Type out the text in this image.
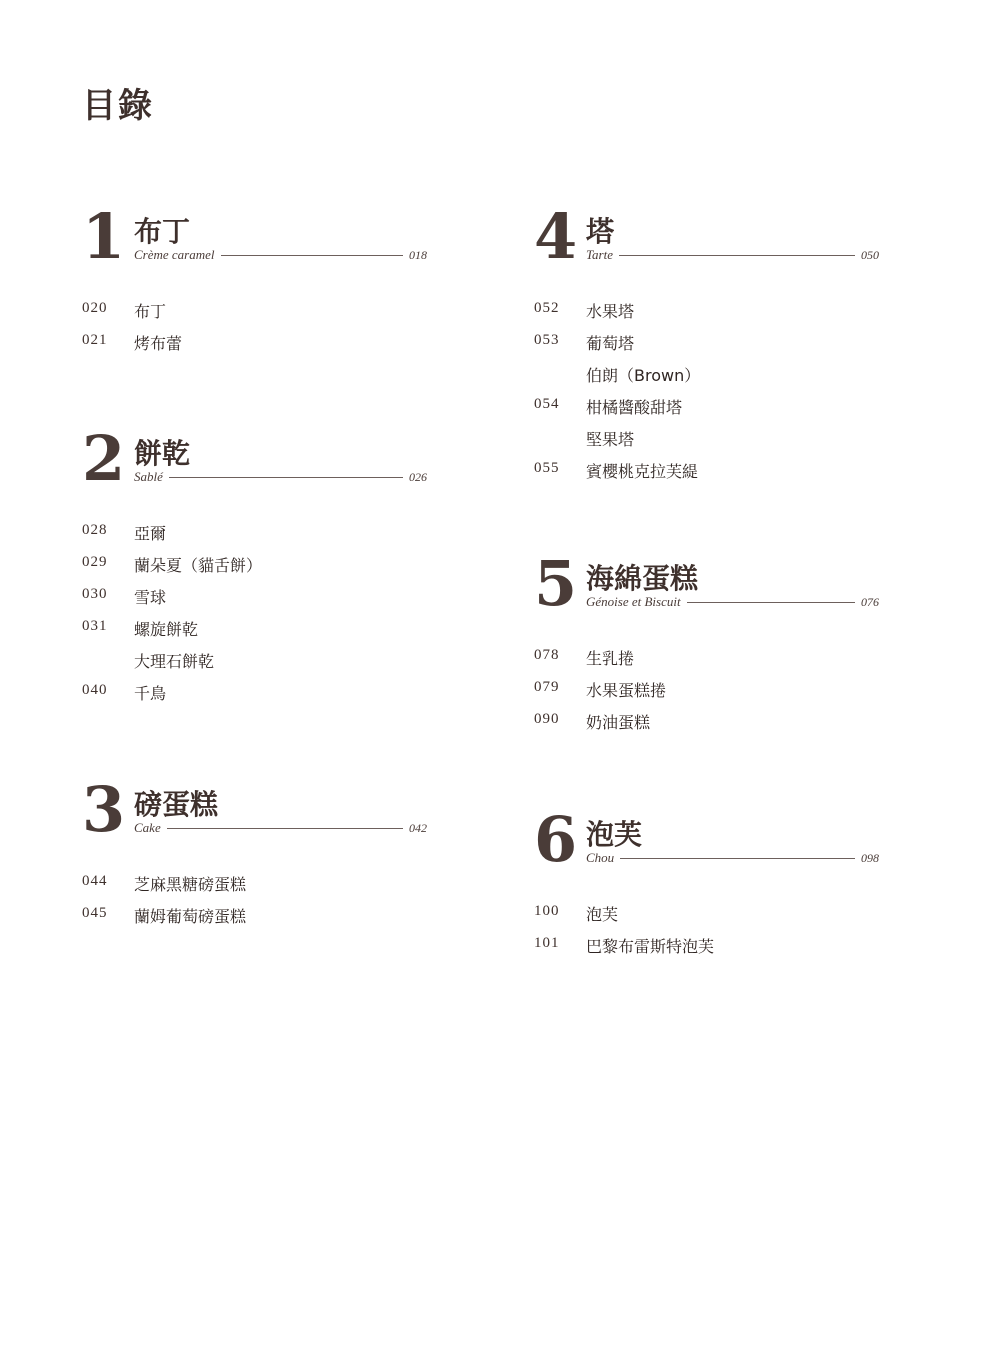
目錄
1 布丁
Crème caramel	018
020 布丁
021 烤布蕾
2 餅乾
Sablé	026
028 亞爾
029 蘭朵夏（貓舌餅）
030 雪球
031 螺旋餅乾
大理石餅乾
040 千鳥
3 磅蛋糕
Cake	042
044 芝麻黑糖磅蛋糕
045 蘭姆葡萄磅蛋糕
4 塔
Tarte	050
052 水果塔
053 葡萄塔
伯朗（Brown）
054 柑橘醬酸甜塔
堅果塔
055 賓櫻桃克拉芙緹
5 海綿蛋糕
Génoise et Biscuit	076
078 生乳捲
079 水果蛋糕捲
090 奶油蛋糕
6 泡芙
Chou	098
100 泡芙
101 巴黎布雷斯特泡芙
